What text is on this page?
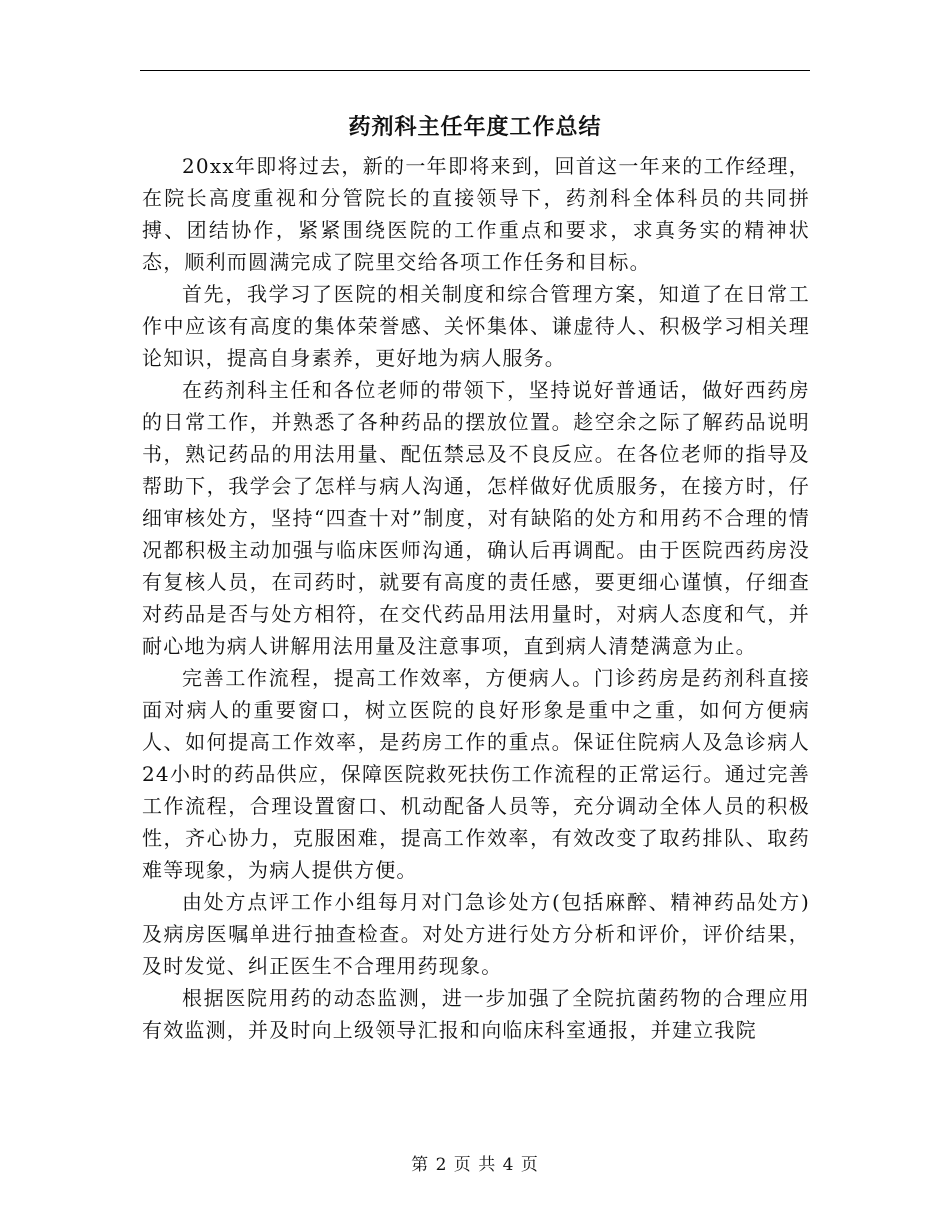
药剂科主任年度工作总结

20xx年即将过去，新的一年即将来到，回首这一年来的工作经理，在院长高度重视和分管院长的直接领导下，药剂科全体科员的共同拼搏、团结协作，紧紧围绕医院的工作重点和要求，求真务实的精神状态，顺利而圆满完成了院里交给各项工作任务和目标。

首先，我学习了医院的相关制度和综合管理方案，知道了在日常工作中应该有高度的集体荣誉感、关怀集体、谦虚待人、积极学习相关理论知识，提高自身素养，更好地为病人服务。

在药剂科主任和各位老师的带领下，坚持说好普通话，做好西药房的日常工作，并熟悉了各种药品的摆放位置。趁空余之际了解药品说明书，熟记药品的用法用量、配伍禁忌及不良反应。在各位老师的指导及帮助下，我学会了怎样与病人沟通，怎样做好优质服务，在接方时，仔细审核处方，坚持“四查十对”制度，对有缺陷的处方和用药不合理的情况都积极主动加强与临床医师沟通，确认后再调配。由于医院西药房没有复核人员，在司药时，就要有高度的责任感，要更细心谨慎，仔细查对药品是否与处方相符，在交代药品用法用量时，对病人态度和气，并耐心地为病人讲解用法用量及注意事项，直到病人清楚满意为止。

完善工作流程，提高工作效率，方便病人。门诊药房是药剂科直接面对病人的重要窗口，树立医院的良好形象是重中之重，如何方便病人、如何提高工作效率，是药房工作的重点。保证住院病人及急诊病人24小时的药品供应，保障医院救死扶伤工作流程的正常运行。通过完善工作流程，合理设置窗口、机动配备人员等，充分调动全体人员的积极性，齐心协力，克服困难，提高工作效率，有效改变了取药排队、取药难等现象，为病人提供方便。

由处方点评工作小组每月对门急诊处方(包括麻醉、精神药品处方)及病房医嘱单进行抽查检查。对处方进行处方分析和评价，评价结果，及时发觉、纠正医生不合理用药现象。

根据医院用药的动态监测，进一步加强了全院抗菌药物的合理应用有效监测，并及时向上级领导汇报和向临床科室通报，并建立我院

第 2 页 共 4 页
